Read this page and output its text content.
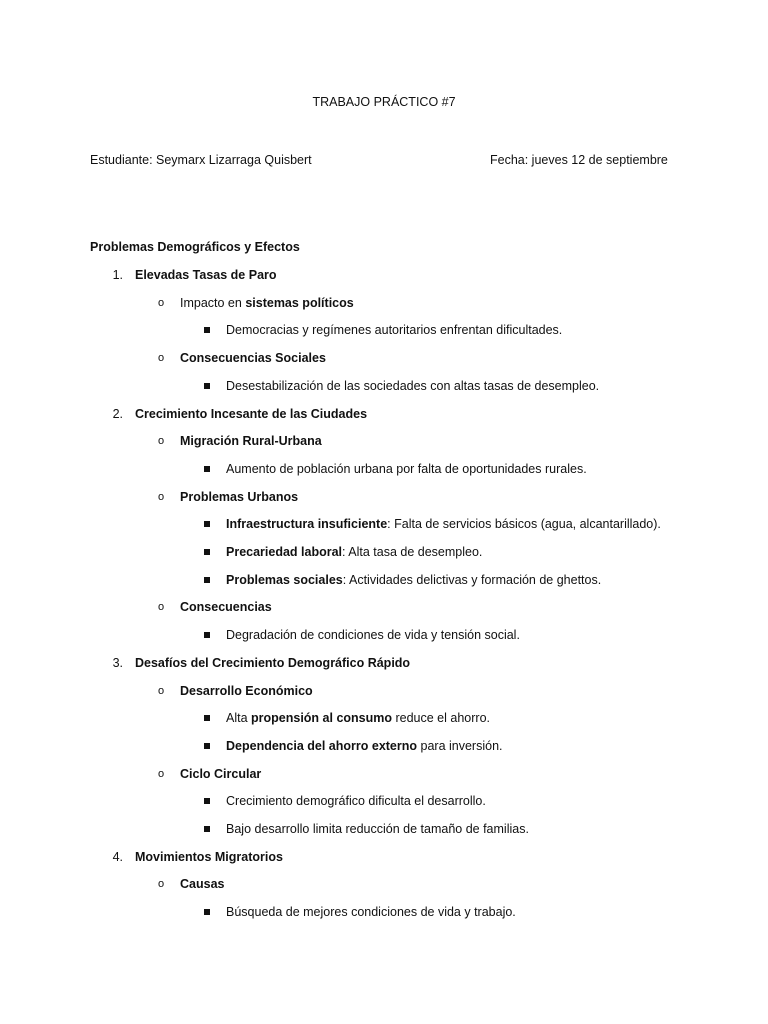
TRABAJO PRÁCTICO #7
Estudiante: Seymarx Lizarraga Quisbert	Fecha: jueves 12 de septiembre
Problemas Demográficos y Efectos
1. Elevadas Tasas de Paro
o Impacto en sistemas políticos
Democracias y regímenes autoritarios enfrentan dificultades.
o Consecuencias Sociales
Desestabilización de las sociedades con altas tasas de desempleo.
2. Crecimiento Incesante de las Ciudades
o Migración Rural-Urbana
Aumento de población urbana por falta de oportunidades rurales.
o Problemas Urbanos
Infraestructura insuficiente: Falta de servicios básicos (agua, alcantarillado).
Precariedad laboral: Alta tasa de desempleo.
Problemas sociales: Actividades delictivas y formación de ghettos.
o Consecuencias
Degradación de condiciones de vida y tensión social.
3. Desafíos del Crecimiento Demográfico Rápido
o Desarrollo Económico
Alta propensión al consumo reduce el ahorro.
Dependencia del ahorro externo para inversión.
o Ciclo Circular
Crecimiento demográfico dificulta el desarrollo.
Bajo desarrollo limita reducción de tamaño de familias.
4. Movimientos Migratorios
o Causas
Búsqueda de mejores condiciones de vida y trabajo.
